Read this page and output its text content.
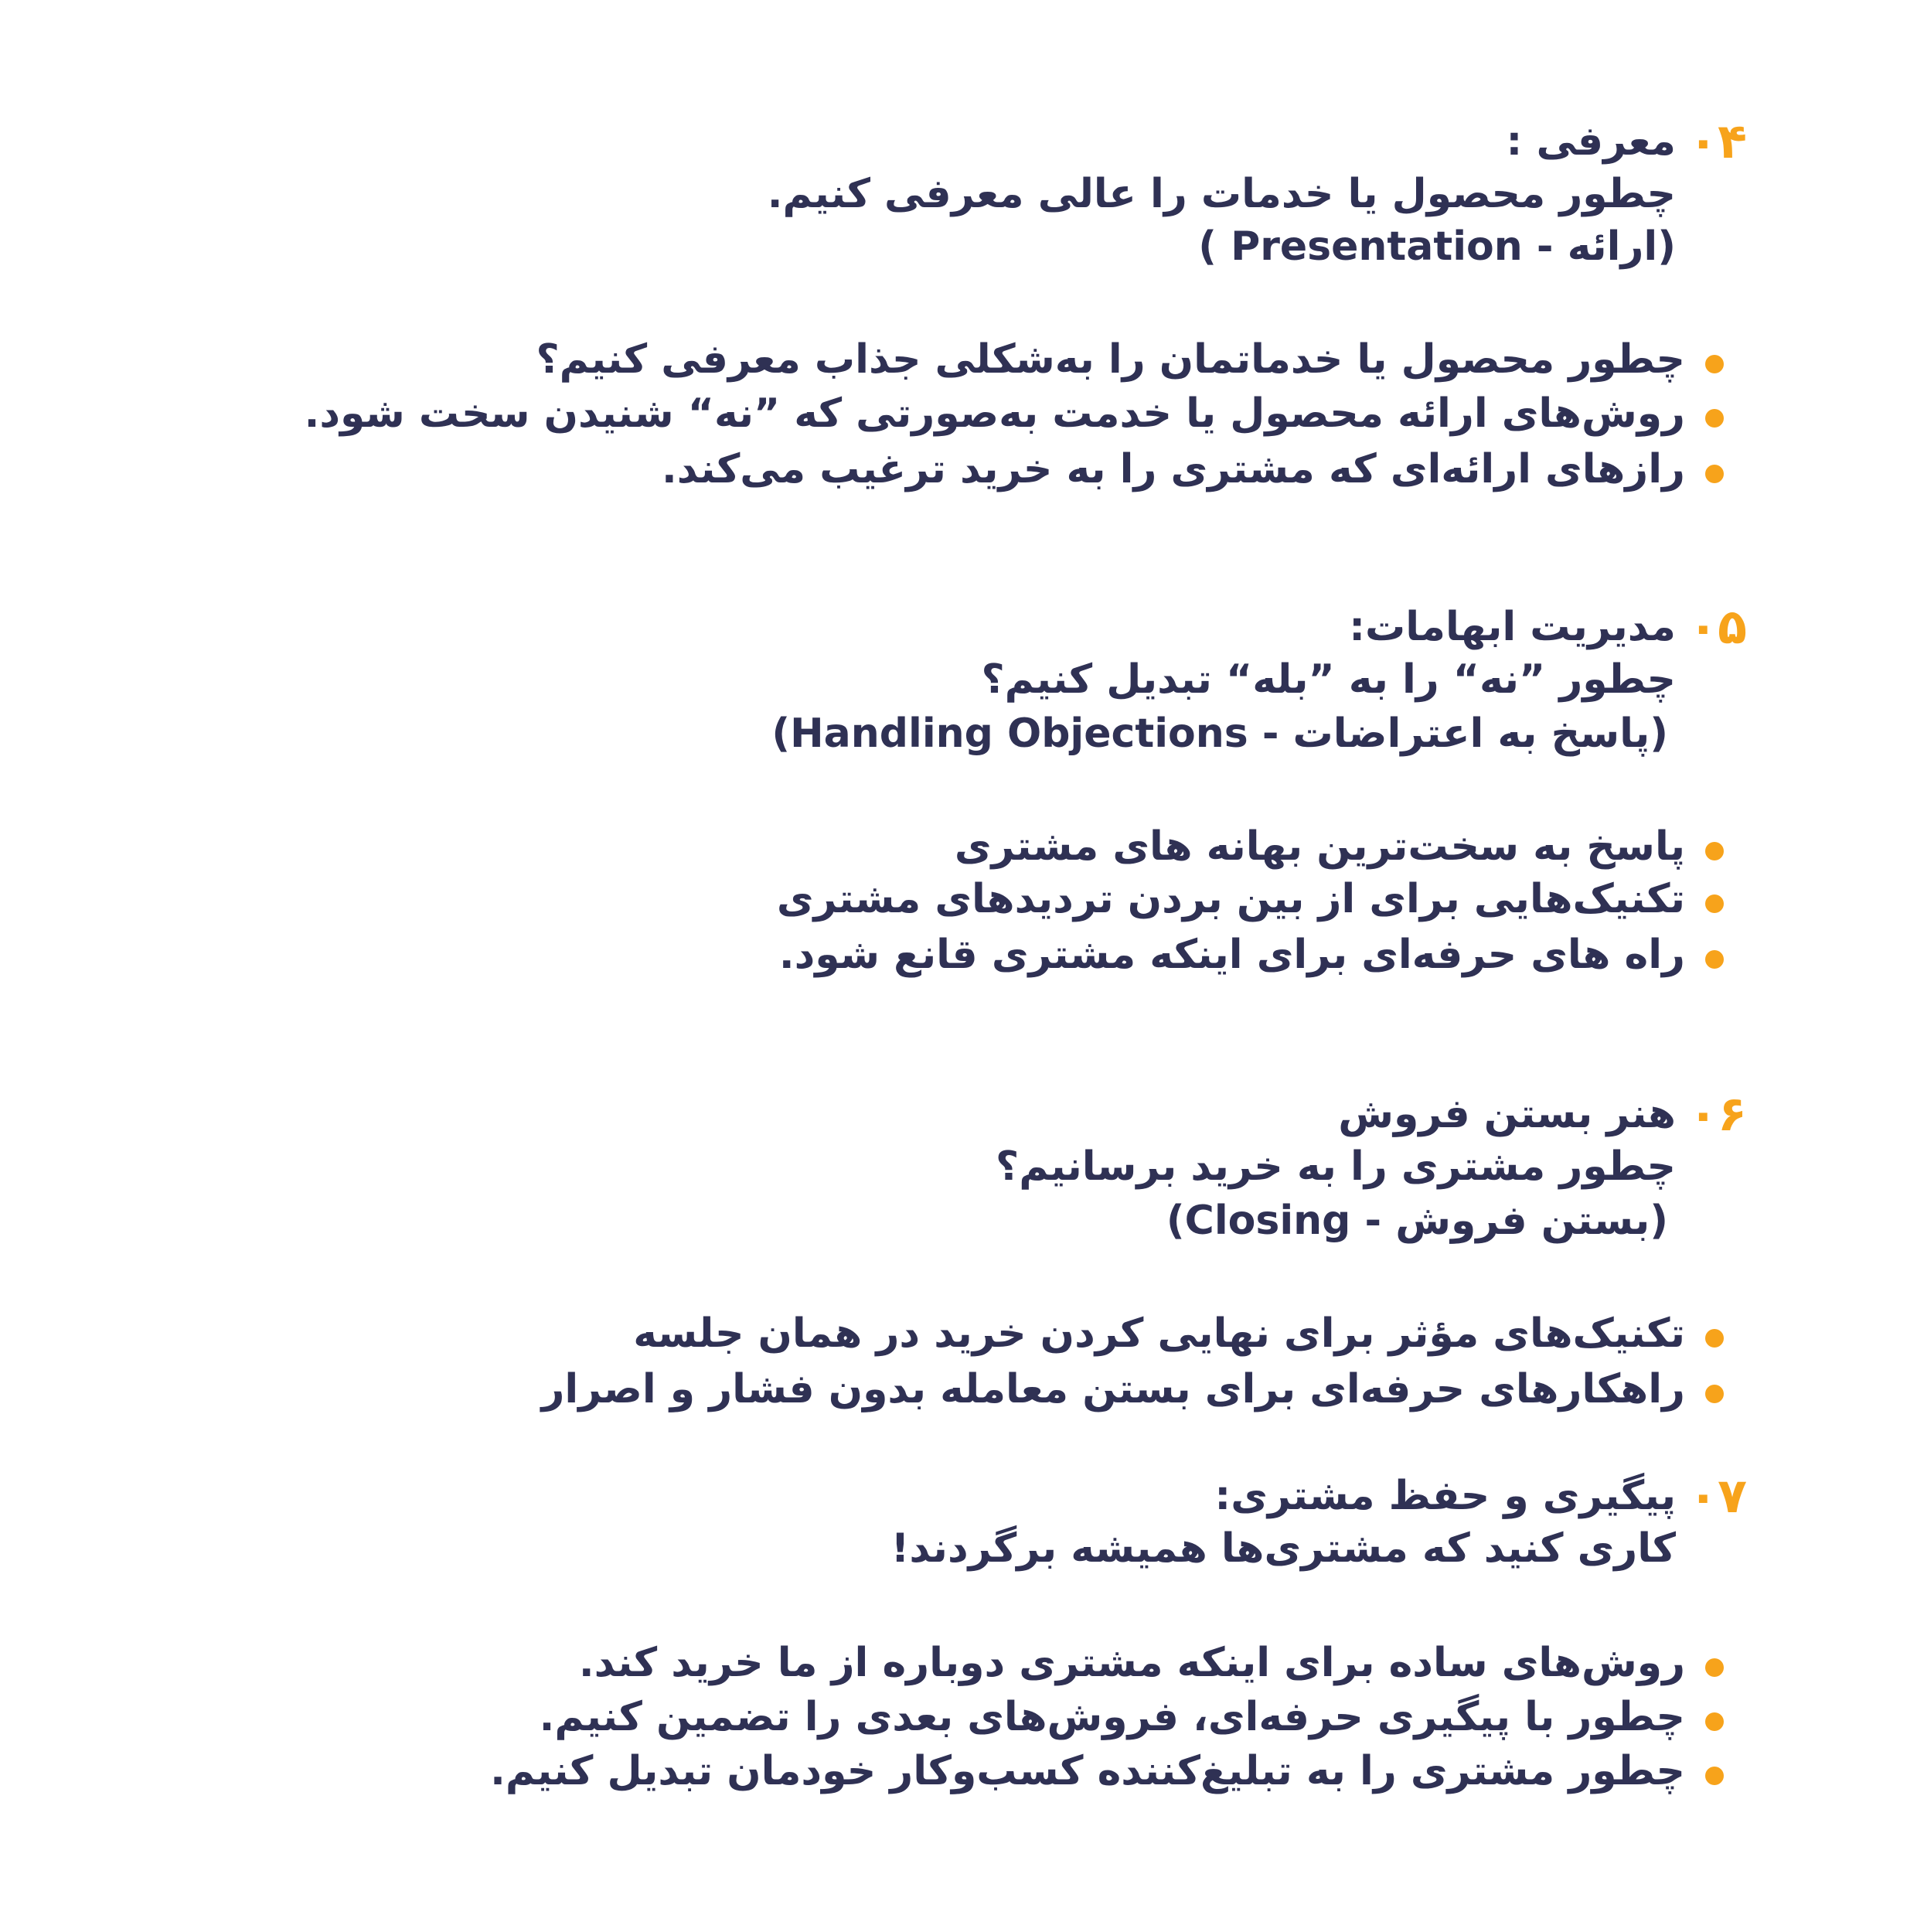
۰۴
معرفی :
چطور محصول یا خدمات را عالی معرفی کنیم.
(ارائه - Presentation )
چطور محصول یا خدماتمان را به‌شکلی جذاب معرفی کنیم؟
روش‌های ارائه محصول یا خدمت به‌صورتی که ”نه“ شنیدن سخت شود.
رازهای ارائه‌ای که مشتری را به خرید ترغیب می‌کند.
۰۵
مدیریت ابهامات:
چطور ”نه“ را به ”بله“ تبدیل کنیم؟
(پاسخ به اعتراضات - Handling Objections)
پاسخ به سخت‌ترین بهانه های مشتری
تکنیک‌هایی برای از بین بردن تردیدهای مشتری
راه های حرفه‌ای برای اینکه مشتری قانع شود.
۰۶
هنر بستن فروش
چطور مشتری را به خرید برسانیم؟
(بستن فروش - Closing)
تکنیک‌های مؤثر برای نهایی کردن خرید در همان جلسه
راهکارهای حرفه‌ای برای بستن معامله بدون فشار و اصرار
۰۷
پیگیری و حفظ مشتری:
کاری کنید که مشتری‌ها همیشه برگردند!
روش‌های ساده برای اینکه مشتری دوباره از ما خرید کند.
چطور با پیگیری حرفه‌ای، فروش‌های بعدی را تضمین کنیم.
چطور مشتری را به تبلیغ‌کننده کسب‌وکار خودمان تبدیل کنیم.
